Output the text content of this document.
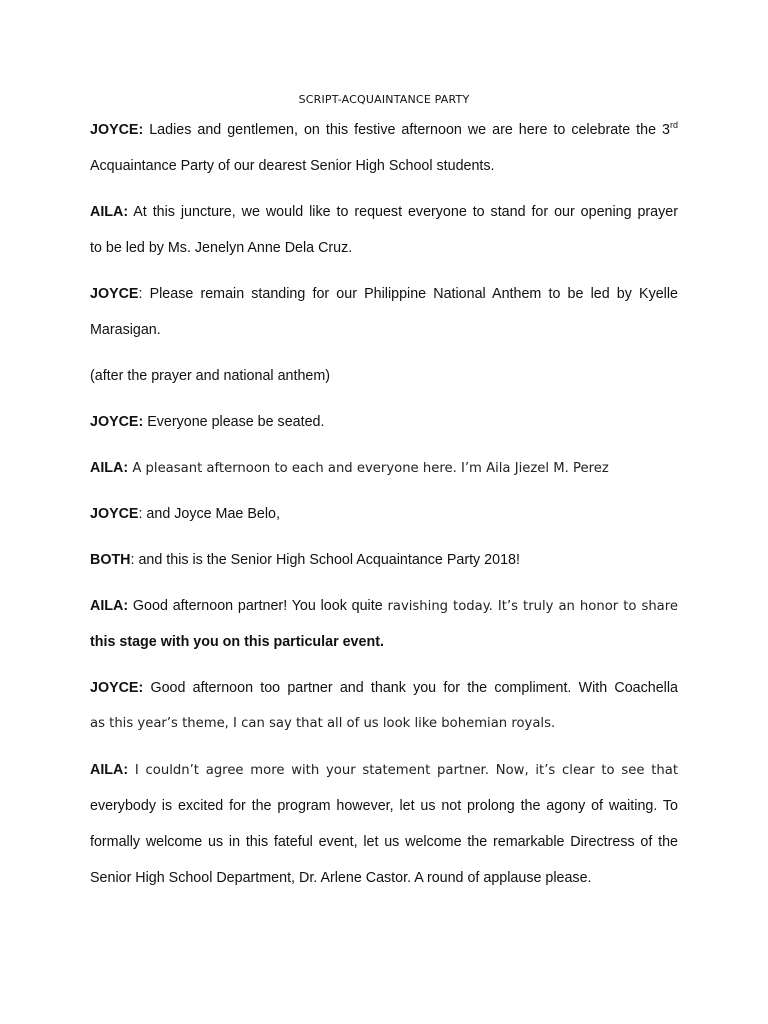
SCRIPT-ACQUAINTANCE PARTY
JOYCE: Ladies and gentlemen, on this festive afternoon we are here to celebrate the 3rd
Acquaintance Party of our dearest Senior High School students.
AILA: At this juncture, we would like to request everyone to stand for our opening prayer
to be led by Ms. Jenelyn Anne Dela Cruz.
JOYCE: Please remain standing for our Philippine National Anthem to be led by Kyelle
Marasigan.
(after the prayer and national anthem)
JOYCE: Everyone please be seated.
AILA: A pleasant afternoon to each and everyone here. I’m Aila Jiezel M. Perez
JOYCE: and Joyce Mae Belo,
BOTH: and this is the Senior High School Acquaintance Party 2018!
AILA: Good afternoon partner! You look quite ravishing today. It’s truly an honor to share
this stage with you on this particular event.
JOYCE: Good afternoon too partner and thank you for the compliment. With Coachella
as this year’s theme, I can say that all of us look like bohemian royals.
AILA: I couldn’t agree more with your statement partner. Now, it’s clear to see that
everybody is excited for the program however, let us not prolong the agony of waiting. To
formally welcome us in this fateful event, let us welcome the remarkable Directress of the
Senior High School Department, Dr. Arlene Castor. A round of applause please.
